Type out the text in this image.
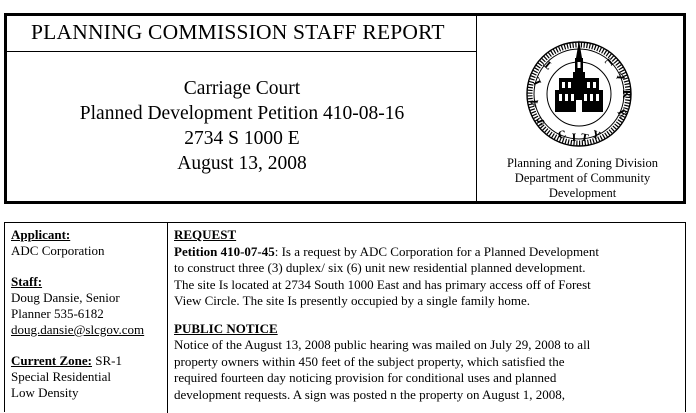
PLANNING COMMISSION STAFF REPORT
Carriage Court
Planned Development Petition 410-08-16
2734 S 1000 E
August 13, 2008
S
A
L
T	L
A
K
E
C I T Y
Planning and Zoning Division
Department of Community
Development
Applicant:
ADC Corporation
Staff:
Doug Dansie, Senior
Planner 535-6182
doug.dansie@slcgov.com
Current Zone: SR-1
Special Residential
Low Density
REQUEST
Petition 410-07-45: Is a request by ADC Corporation for a Planned Development
to construct three (3) duplex/ six (6) unit new residential planned development.
The site Is located at 2734 South 1000 East and has primary access off of Forest
View Circle. The site Is presently occupied by a single family home.
PUBLIC NOTICE
Notice of the August 13, 2008 public hearing was mailed on July 29, 2008 to all
property owners within 450 feet of the subject property, which satisfied the
required fourteen day noticing provision for conditional uses and planned
development requests. A sign was posted n the property on August 1, 2008,
